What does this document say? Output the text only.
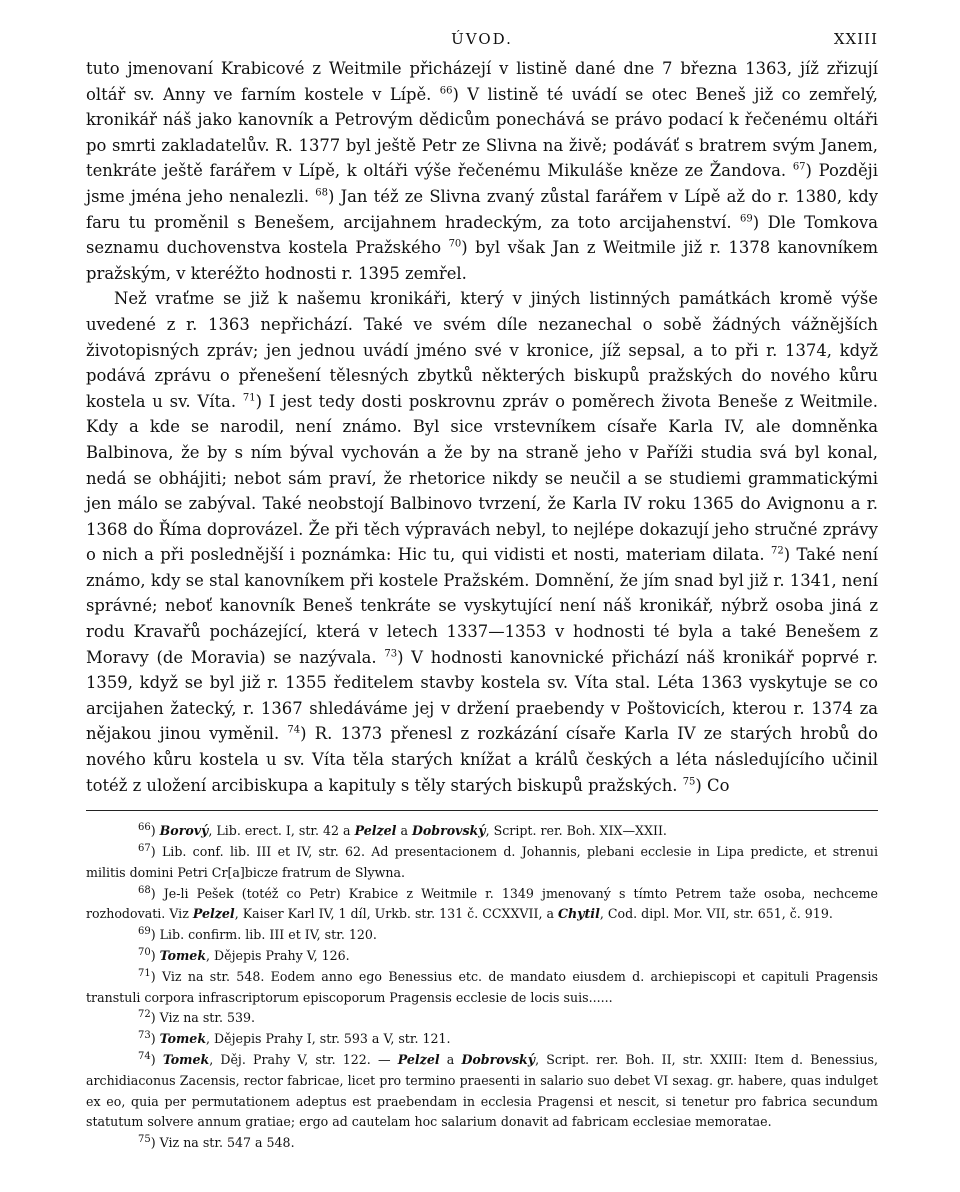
ÚVOD.	XXIII

tuto jmenovaní Krabicové z Weitmile přicházejí v listině dané dne 7 března 1363, jíž zřizují oltář sv. Anny ve farním kostele v Lípě. $^{66}$) V listině té uvádí se otec Beneš již co zemřelý, kronikář náš jako kanovník a Petrovým dědicům ponechává se právo podací k řečenému oltáři po smrti zakladatelův. R. 1377 byl ještě Petr ze Slivna na živě; podáváť s bratrem svým Janem, tenkráte ještě farářem v Lípě, k oltáři výše řečenému Mikuláše kněze ze Žandova. $^{67}$) Později jsme jména jeho nenalezli. $^{68}$) Jan též ze Slivna zvaný zůstal farářem v Lípě až do r. 1380, kdy faru tu proměnil s Benešem, arcijahnem hradeckým, za toto arcijahenství. $^{69}$) Dle Tomkova seznamu duchovenstva kostela Pražského $^{70}$) byl však Jan z Weitmile již r. 1378 kanovníkem pražským, v kteréžto hodnosti r. 1395 zemřel.

Než vraťme se již k našemu kronikáři, který v jiných listinných památkách kromě výše uvedené z r. 1363 nepřichází. Také ve svém díle nezanechal o sobě žádných vážnějších životopisných zpráv; jen jednou uvádí jméno své v kronice, jíž sepsal, a to při r. 1374, když podává zprávu o přenešení tělesných zbytků některých biskupů pražských do nového kůru kostela u sv. Víta. $^{71}$) I jest tedy dosti poskrovnu zpráv o poměrech života Beneše z Weitmile. Kdy a kde se narodil, není známo. Byl sice vrstevníkem císaře Karla IV, ale domněnka Balbinova, že by s ním býval vychován a že by na straně jeho v Paříži studia svá byl konal, nedá se obhájiti; nebot sám praví, že rhetorice nikdy se neučil a se studiemi grammatickými jen málo se zabýval. Také neobstojí Balbinovo tvrzení, že Karla IV roku 1365 do Avignonu a r. 1368 do Říma doprovázel. Že při těch výpravách nebyl, to nejlépe dokazují jeho stručné zprávy o nich a při poslednější i poznámka: Hic tu, qui vidisti et nosti, materiam dilata. $^{72}$) Také není známo, kdy se stal kanovníkem při kostele Pražském. Domnění, že jím snad byl již r. 1341, není správné; neboť kanovník Beneš tenkráte se vyskytující není náš kronikář, nýbrž osoba jiná z rodu Kravařů pocházející, která v letech 1337—1353 v hodnosti té byla a také Benešem z Moravy (de Moravia) se nazývala. $^{73}$) V hodnosti kanovnické přichází náš kronikář poprvé r. 1359, když se byl již r. 1355 ředitelem stavby kostela sv. Víta stal. Léta 1363 vyskytuje se co arcijahen žatecký, r. 1367 shledáváme jej v držení praebendy v Poštovicích, kterou r. 1374 za nějakou jinou vyměnil. $^{74}$) R. 1373 přenesl z rozkázání císaře Karla IV ze starých hrobů do nového kůru kostela u sv. Víta těla starých knížat a králů českých a léta následujícího učinil totéž z uložení arcibiskupa a kapituly s těly starých biskupů pražských. $^{75}$) Co

$^{66}$) Borový, Lib. erect. I, str. 42 a Pelzel a Dobrovský, Script. rer. Boh. XIX—XXII.

$^{67}$) Lib. conf. lib. III et IV, str. 62. Ad presentacionem d. Johannis, plebani ecclesie in Lipa predicte, et strenui militis domini Petri Cr[a]bicze fratrum de Slywna.

$^{68}$) Je-li Pešek (totéž co Petr) Krabice z Weitmile r. 1349 jmenovaný s tímto Petrem taže osoba, nechceme rozhodovati. Viz Pelzel, Kaiser Karl IV, 1 díl, Urkb. str. 131 č. CCXXVII, a Chytil, Cod. dipl. Mor. VII, str. 651, č. 919.

$^{69}$) Lib. confirm. lib. III et IV, str. 120.

$^{70}$) Tomek, Dějepis Prahy V, 126.

$^{71}$) Viz na str. 548. Eodem anno ego Benessius etc. de mandato eiusdem d. archiepiscopi et capituli Pragensis transtuli corpora infrascriptorum episcoporum Pragensis ecclesie de locis suis......

$^{72}$) Viz na str. 539.

$^{73}$) Tomek, Dějepis Prahy I, str. 593 a V, str. 121.

$^{74}$) Tomek, Děj. Prahy V, str. 122. — Pelzel a Dobrovský, Script. rer. Boh. II, str. XXIII: Item d. Benessius, archidiaconus Zacensis, rector fabricae, licet pro termino praesenti in salario suo debet VI sexag. gr. habere, quas indulget ex eo, quia per permutationem adeptus est praebendam in ecclesia Pragensi et nescit, si tenetur pro fabrica secundum statutum solvere annum gratiae; ergo ad cautelam hoc salarium donavit ad fabricam ecclesiae memoratae.

$^{75}$) Viz na str. 547 a 548.
